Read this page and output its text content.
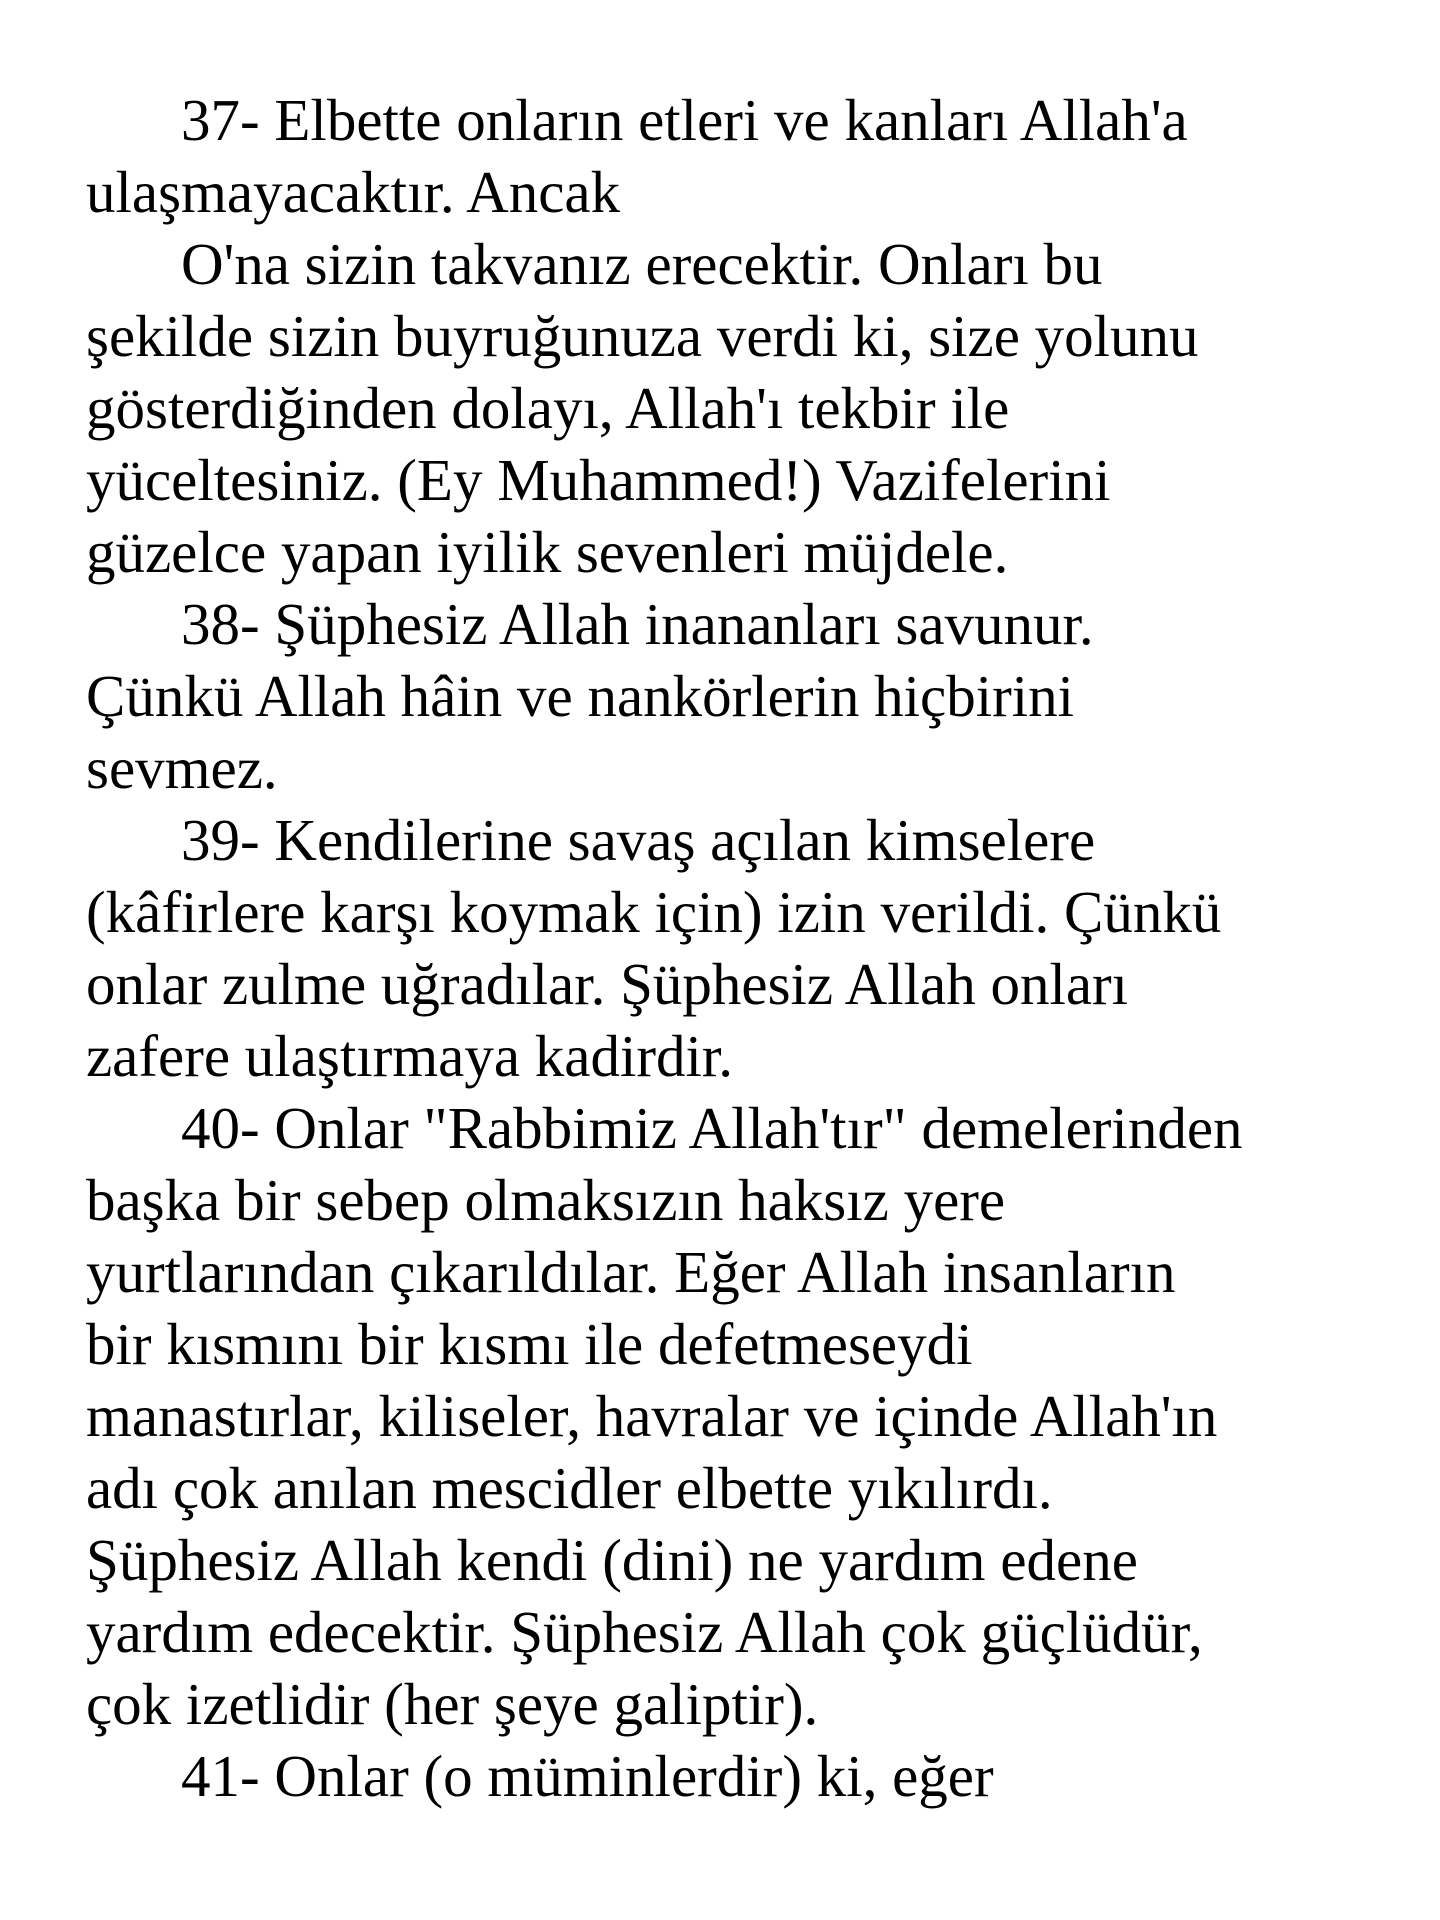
37- Elbette onların etleri ve kanları Allah'a
ulaşmayacaktır. Ancak
O'na sizin takvanız erecektir. Onları bu
şekilde sizin buyruğunuza verdi ki, size yolunu
gösterdiğinden dolayı, Allah'ı tekbir ile
yüceltesiniz. (Ey Muhammed!) Vazifelerini
güzelce yapan iyilik sevenleri müjdele.
38- Şüphesiz Allah inananları savunur.
Çünkü Allah hâin ve nankörlerin hiçbirini
sevmez.
39- Kendilerine savaş açılan kimselere
(kâfirlere karşı koymak için) izin verildi. Çünkü
onlar zulme uğradılar. Şüphesiz Allah onları
zafere ulaştırmaya kadirdir.
40- Onlar "Rabbimiz Allah'tır" demelerinden
başka bir sebep olmaksızın haksız yere
yurtlarından çıkarıldılar. Eğer Allah insanların
bir kısmını bir kısmı ile defetmeseydi
manastırlar, kiliseler, havralar ve içinde Allah'ın
adı çok anılan mescidler elbette yıkılırdı.
Şüphesiz Allah kendi (dini) ne yardım edene
yardım edecektir. Şüphesiz Allah çok güçlüdür,
çok izetlidir (her şeye galiptir).
41- Onlar (o müminlerdir) ki, eğer
